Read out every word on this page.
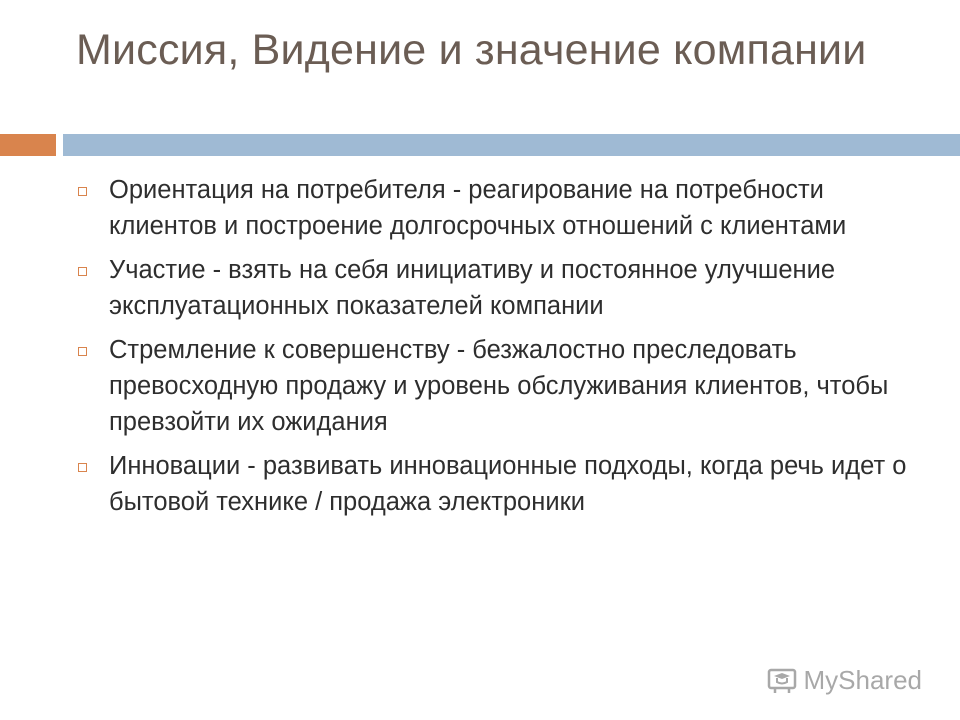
Миссия, Видение и значение компании
Ориентация на потребителя - реагирование на потребности клиентов и построение долгосрочных отношений с клиентами
Участие - взять на себя инициативу и постоянное улучшение эксплуатационных показателей компании
Стремление к совершенству - безжалостно преследовать превосходную продажу и уровень обслуживания клиентов, чтобы превзойти их ожидания
Инновации - развивать инновационные подходы, когда речь идет о бытовой технике / продажа электроники
MyShared
